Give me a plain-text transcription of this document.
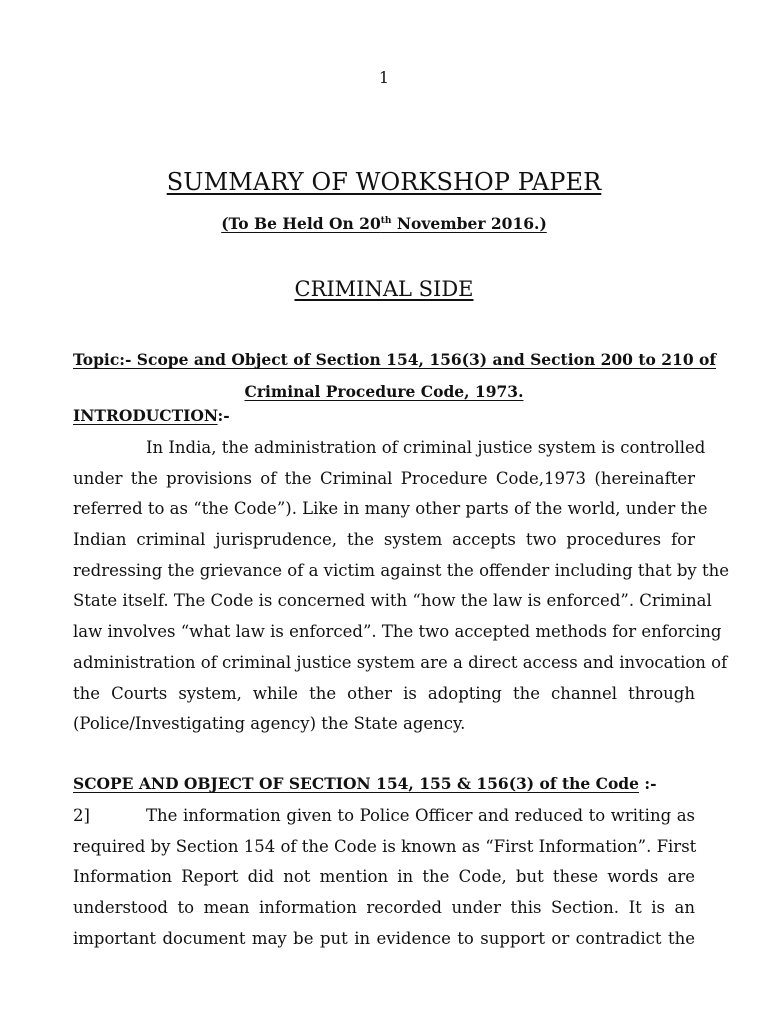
1
SUMMARY OF WORKSHOP PAPER
(To Be Held On 20th November 2016.)
CRIMINAL SIDE
Topic:- Scope and Object of Section 154, 156(3) and Section 200 to 210 of
Criminal Procedure Code, 1973.
INTRODUCTION:-
In India, the administration of criminal justice system is controlled
under the provisions of the Criminal Procedure Code,1973 (hereinafter
referred to as “the Code”). Like in many other parts of the world, under the
Indian criminal jurisprudence, the system accepts two procedures for
redressing the grievance of a victim against the offender including that by the
State itself. The Code is concerned with “how the law is enforced”. Criminal
law involves “what law is enforced”. The two accepted methods for enforcing
administration of criminal justice system are a direct access and invocation of
the Courts system, while the other is adopting the channel through
(Police/Investigating agency) the State agency.
SCOPE AND OBJECT OF SECTION 154, 155 & 156(3) of the Code :-
2]	The information given to Police Officer and reduced to writing as
required by Section 154 of the Code is known as “First Information”. First
Information Report did not mention in the Code, but these words are
understood to mean information recorded under this Section. It is an
important document may be put in evidence to support or contradict the
